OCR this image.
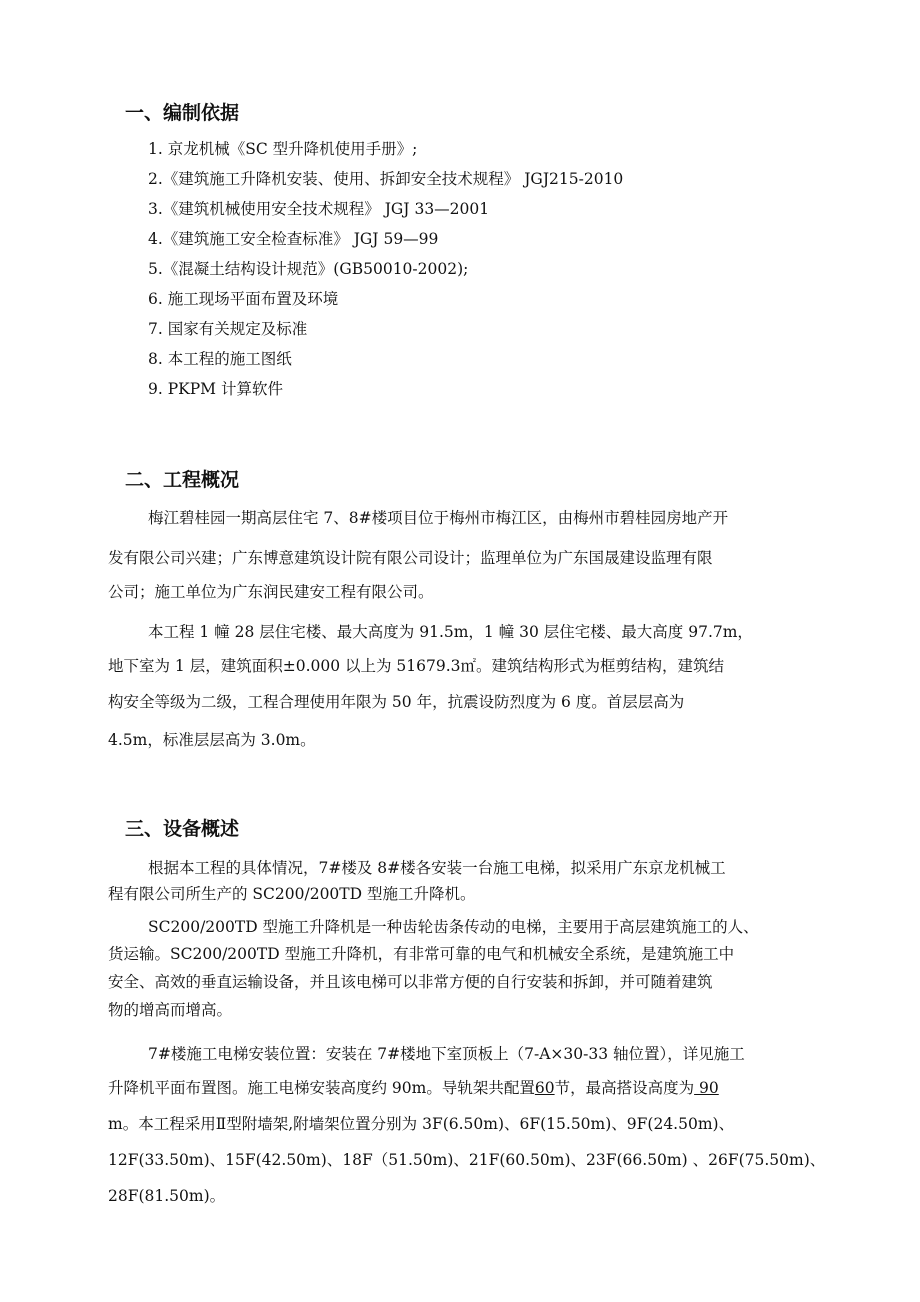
一、编制依据
1. 京龙机械《SC 型升降机使用手册》;
2.《建筑施工升降机安装、使用、拆卸安全技术规程》 JGJ215-2010
3.《建筑机械使用安全技术规程》 JGJ 33—2001
4.《建筑施工安全检查标准》 JGJ 59—99
5.《混凝土结构设计规范》(GB50010-2002);
6. 施工现场平面布置及环境
7. 国家有关规定及标准
8. 本工程的施工图纸
9. PKPM 计算软件
二、工程概况
梅江碧桂园一期高层住宅 7、8#楼项目位于梅州市梅江区，由梅州市碧桂园房地产开
发有限公司兴建；广东博意建筑设计院有限公司设计；监理单位为广东国晟建设监理有限
公司；施工单位为广东润民建安工程有限公司。
本工程 1 幢 28 层住宅楼、最大高度为 91.5m，1 幢 30 层住宅楼、最大高度 97.7m，
地下室为 1 层，建筑面积±0.000 以上为 51679.3㎡。建筑结构形式为框剪结构，建筑结
构安全等级为二级，工程合理使用年限为 50 年，抗震设防烈度为 6 度。首层层高为
4.5m，标准层层高为 3.0m。
三、设备概述
根据本工程的具体情况，7#楼及 8#楼各安装一台施工电梯，拟采用广东京龙机械工
程有限公司所生产的 SC200/200TD 型施工升降机。
SC200/200TD 型施工升降机是一种齿轮齿条传动的电梯，主要用于高层建筑施工的人、
货运输。SC200/200TD 型施工升降机，有非常可靠的电气和机械安全系统，是建筑施工中
安全、高效的垂直运输设备，并且该电梯可以非常方便的自行安装和拆卸，并可随着建筑
物的增高而增高。
7#楼施工电梯安装位置：安装在 7#楼地下室顶板上（7-A×30-33 轴位置），详见施工
升降机平面布置图。施工电梯安装高度约 90m。导轨架共配置60节，最高搭设高度为 90
m。本工程采用Ⅱ型附墙架,附墙架位置分别为 3F(6.50m)、6F(15.50m)、9F(24.50m)、
12F(33.50m)、15F(42.50m)、18F（51.50m)、21F(60.50m)、23F(66.50m) 、26F(75.50m)、
28F(81.50m)。
